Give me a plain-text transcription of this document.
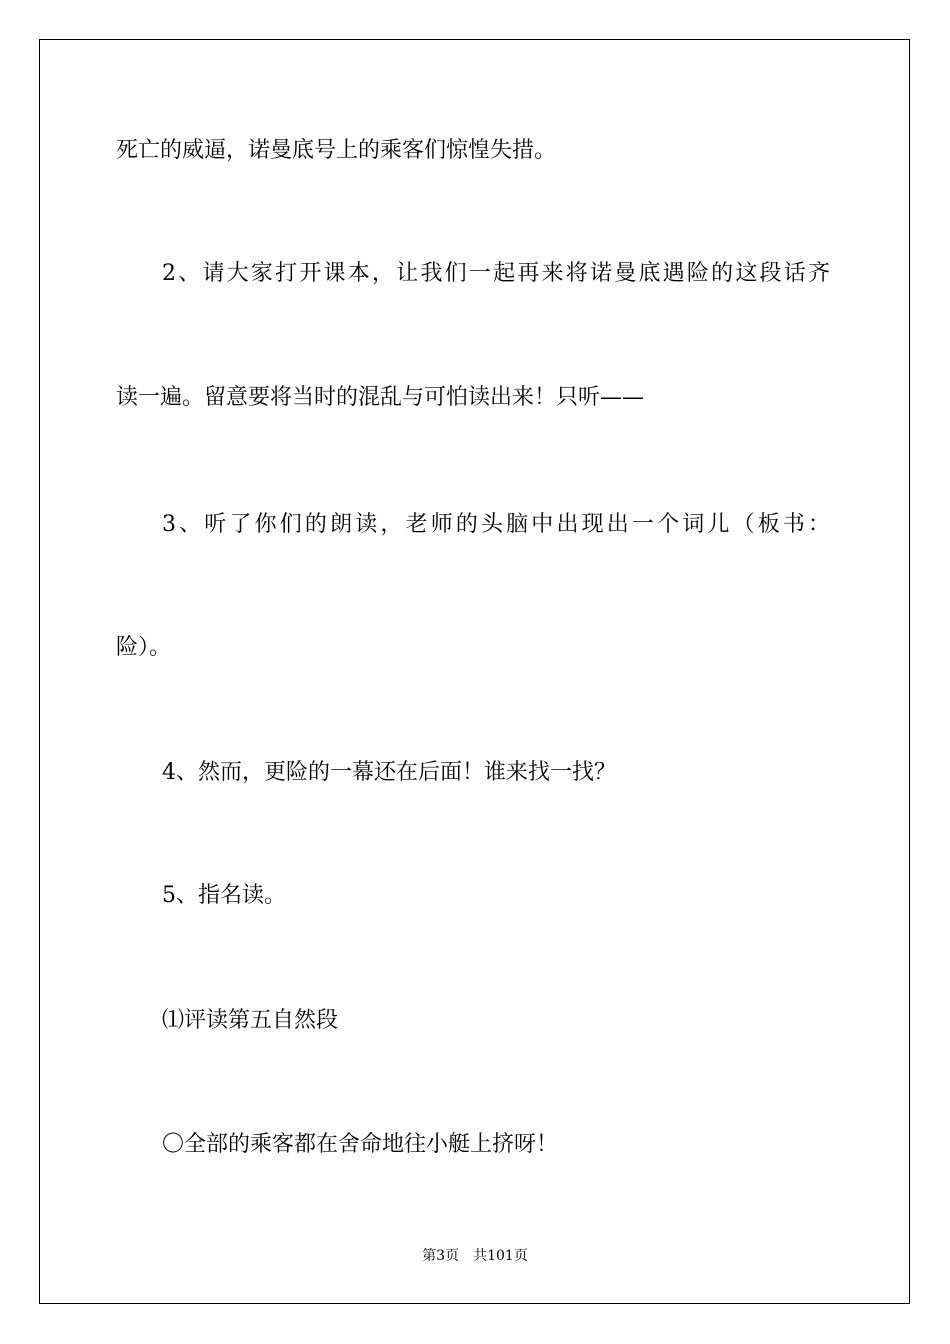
死亡的威逼，诺曼底号上的乘客们惊惶失措。

2、请大家打开课本，让我们一起再来将诺曼底遇险的这段话齐

读一遍。留意要将当时的混乱与可怕读出来！只听——

3、听了你们的朗读，老师的头脑中出现出一个词儿（板书：

险）。

4、然而，更险的一幕还在后面！谁来找一找？

5、指名读。

⑴评读第五自然段

〇全部的乘客都在舍命地往小艇上挤呀！

第3页 共101页
